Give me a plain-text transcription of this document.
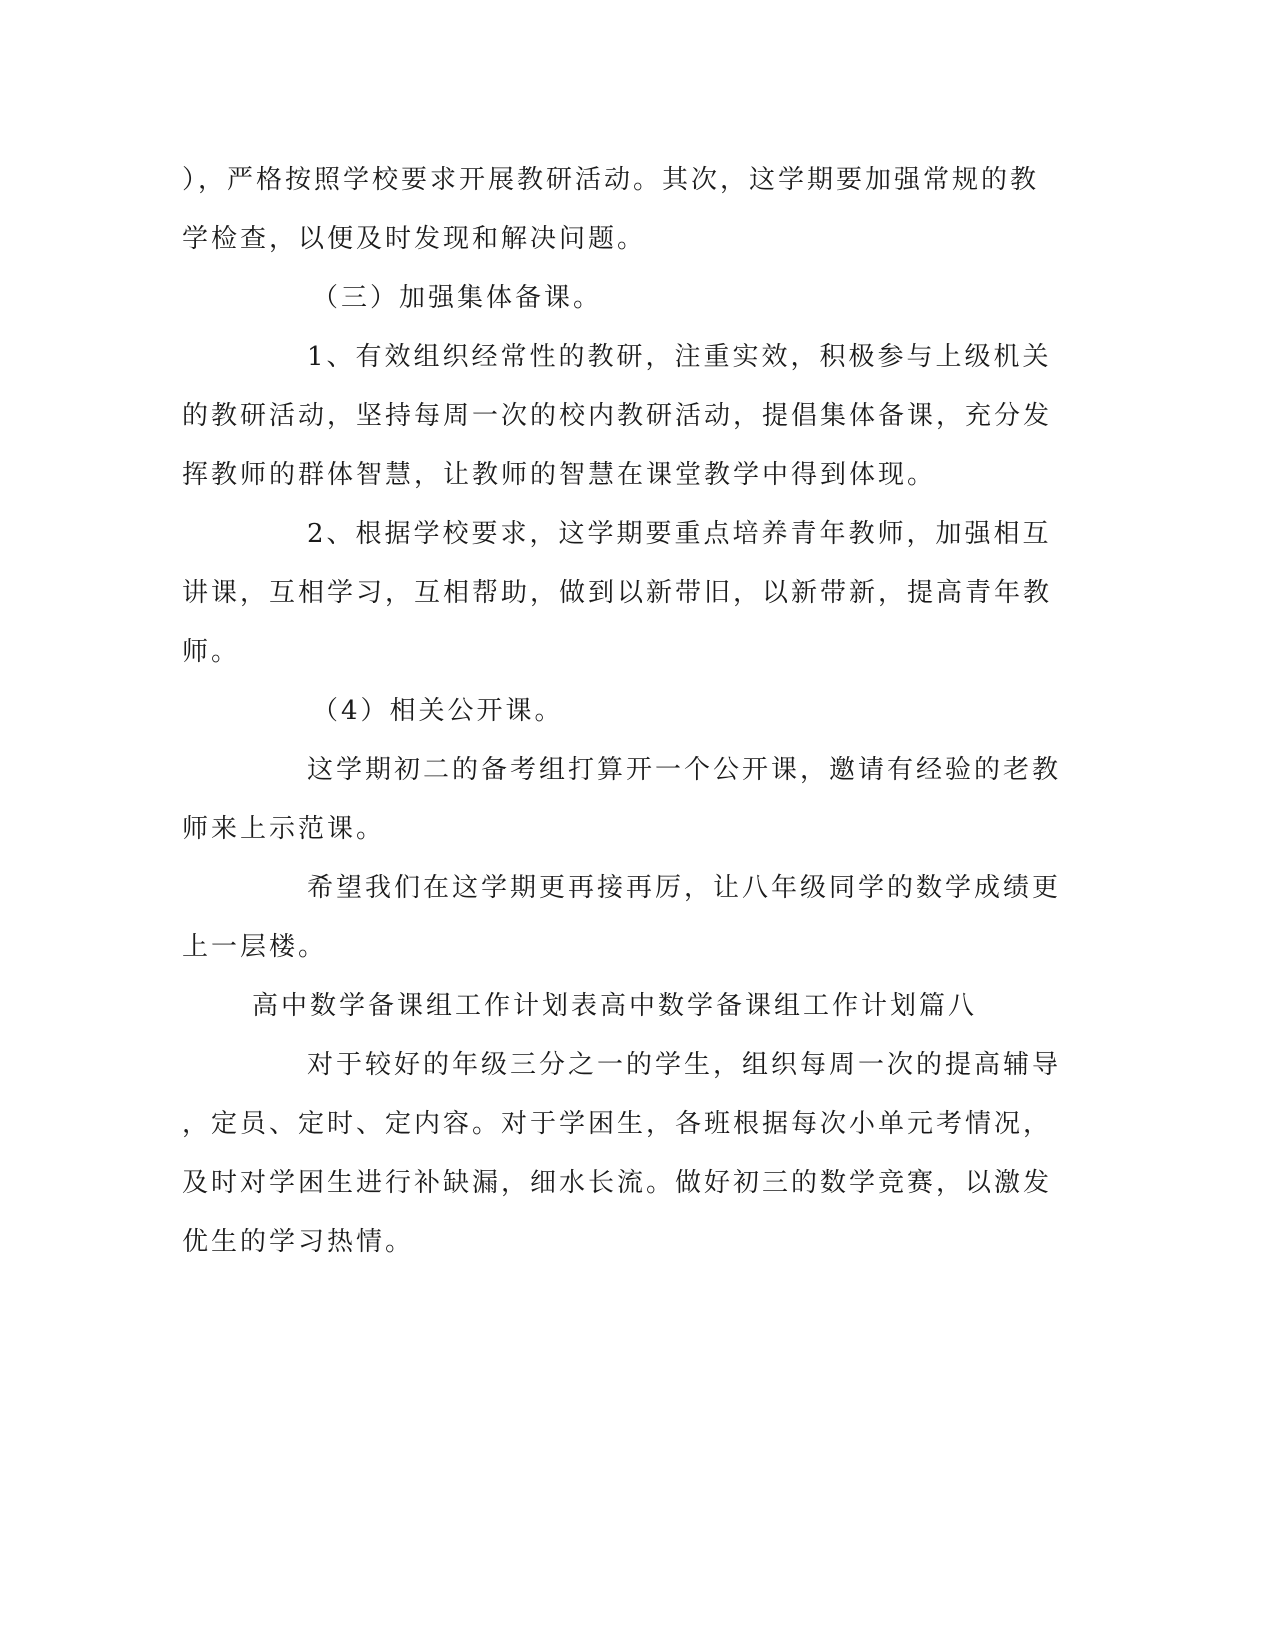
），严格按照学校要求开展教研活动。其次，这学期要加强常规的教
学检查，以便及时发现和解决问题。
（三）加强集体备课。
1、有效组织经常性的教研，注重实效，积极参与上级机关
的教研活动，坚持每周一次的校内教研活动，提倡集体备课，充分发
挥教师的群体智慧，让教师的智慧在课堂教学中得到体现。
2、根据学校要求，这学期要重点培养青年教师，加强相互
讲课，互相学习，互相帮助，做到以新带旧，以新带新，提高青年教
师。
（4）相关公开课。
这学期初二的备考组打算开一个公开课，邀请有经验的老教
师来上示范课。
希望我们在这学期更再接再厉，让八年级同学的数学成绩更
上一层楼。
高中数学备课组工作计划表高中数学备课组工作计划篇八
对于较好的年级三分之一的学生，组织每周一次的提高辅导
，定员、定时、定内容。对于学困生，各班根据每次小单元考情况，
及时对学困生进行补缺漏，细水长流。做好初三的数学竞赛，以激发
优生的学习热情。
